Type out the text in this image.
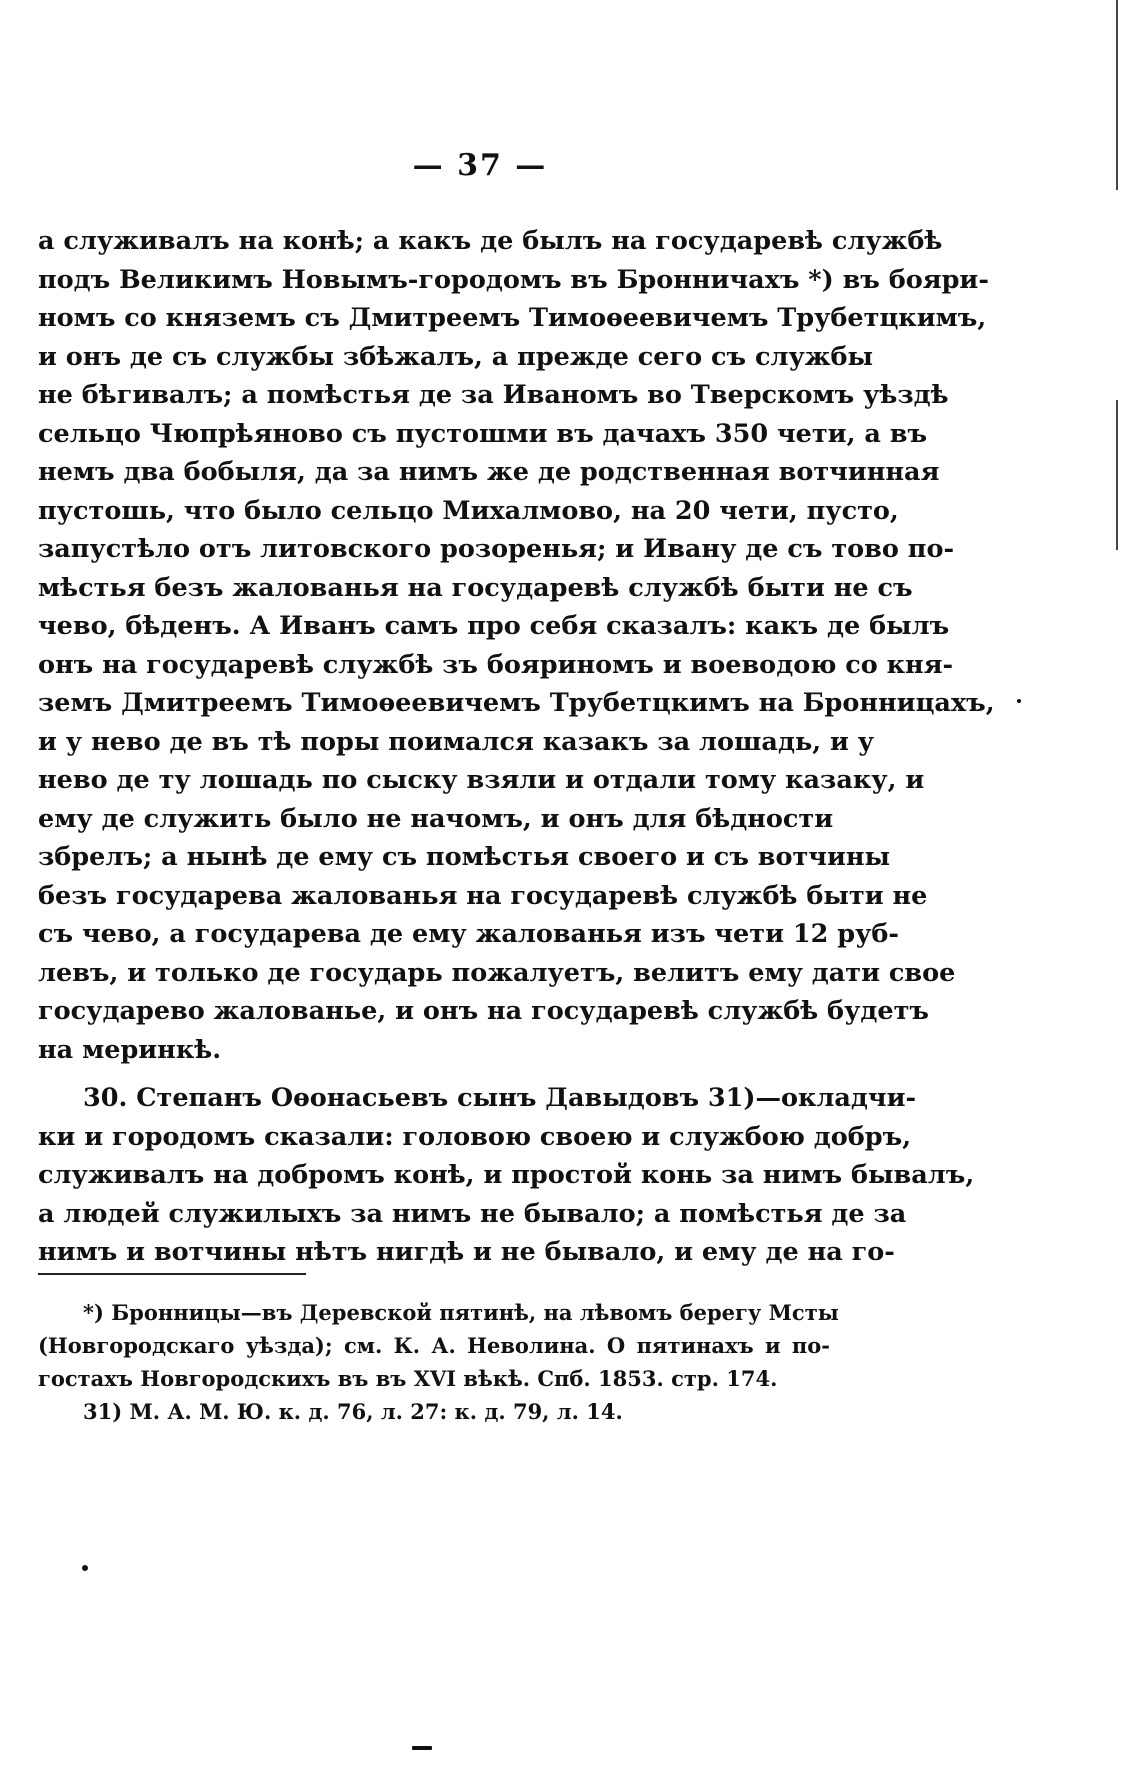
— 37 —
а служивалъ на конѣ; а какъ де былъ на государевѣ службѣ
подъ Великимъ Новымъ-городомъ въ Бронничахъ *) въ бояри-
номъ со княземъ съ Дмитреемъ Тимоѳеевичемъ Трубетцкимъ,
и онъ де съ службы збѣжалъ, а прежде сего съ службы
не бѣгивалъ; а помѣстья де за Иваномъ во Тверскомъ уѣздѣ
сельцо Чюпрѣяново съ пустошми въ дачахъ 350 чети, а въ
немъ два бобыля, да за нимъ же де родственная вотчинная
пустошь, что было сельцо Михалмово, на 20 чети, пусто,
запустѣло отъ литовского розоренья; и Ивану де съ тово по-
мѣстья безъ жалованья на государевѣ службѣ быти не съ
чево, бѣденъ. А Иванъ самъ про себя сказалъ: какъ де былъ
онъ на государевѣ службѣ зъ бояриномъ и воеводою со кня-
земъ Дмитреемъ Тимоѳеевичемъ Трубетцкимъ на Бронницахъ,
и у нево де въ тѣ поры поимался казакъ за лошадь, и у
нево де ту лошадь по сыску взяли и отдали тому казаку, и
ему де служить было не начомъ, и онъ для бѣдности
збрелъ; а нынѣ де ему съ помѣстья своего и съ вотчины
безъ государева жалованья на государевѣ службѣ быти не
съ чево, а государева де ему жалованья изъ чети 12 руб-
левъ, и только де государь пожалуетъ, велитъ ему дати свое
государево жалованье, и онъ на государевѣ службѣ будетъ
на меринкѣ.
30. Степанъ Оѳонасьевъ сынъ Давыдовъ 31)—окладчи-
ки и городомъ сказали: головою своею и службою добръ,
служивалъ на добромъ конѣ, и простой конь за нимъ бывалъ,
а людей служилыхъ за нимъ не бывало; а помѣстья де за
нимъ и вотчины нѣтъ нигдѣ и не бывало, и ему де на го-
*) Бронницы—въ Деревской пятинѣ, на лѣвомъ берегу Мсты
(Новгородскаго уѣзда); см. К. А. Неволина. О пятинахъ и по-
гостахъ Новгородскихъ въ въ XVI вѣкѣ. Спб. 1853. стр. 174.
31) М. А. М. Ю. к. д. 76, л. 27: к. д. 79, л. 14.
